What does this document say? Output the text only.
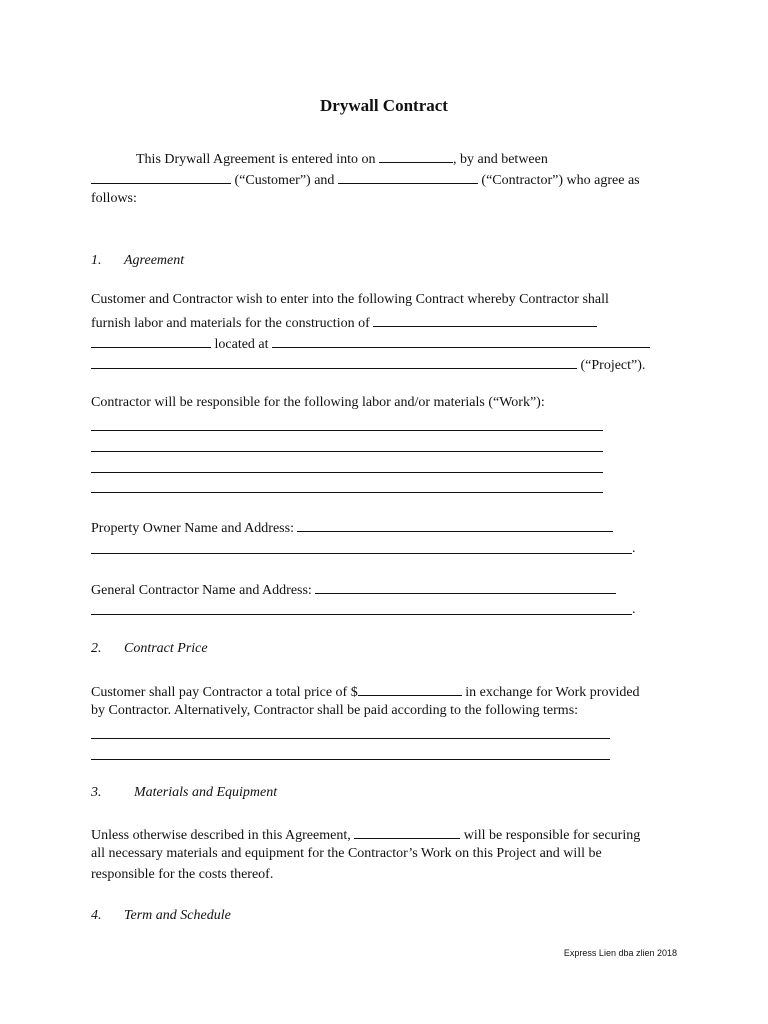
Drywall Contract
This Drywall Agreement is entered into on	, by and between
(“Customer”) and	(“Contractor”) who agree as
follows:
1. Agreement
Customer and Contractor wish to enter into the following Contract whereby Contractor shall
furnish labor and materials for the construction of
located at
(“Project”).
Contractor will be responsible for the following labor and/or materials (“Work”):
Property Owner Name and Address:
.
General Contractor Name and Address:
.
2. Contract Price
Customer shall pay Contractor a total price of $	in exchange for Work provided
by Contractor. Alternatively, Contractor shall be paid according to the following terms:
3. Materials and Equipment
Unless otherwise described in this Agreement,	will be responsible for securing
all necessary materials and equipment for the Contractor’s Work on this Project and will be
responsible for the costs thereof.
4. Term and Schedule
Express Lien dba zlien 2018
